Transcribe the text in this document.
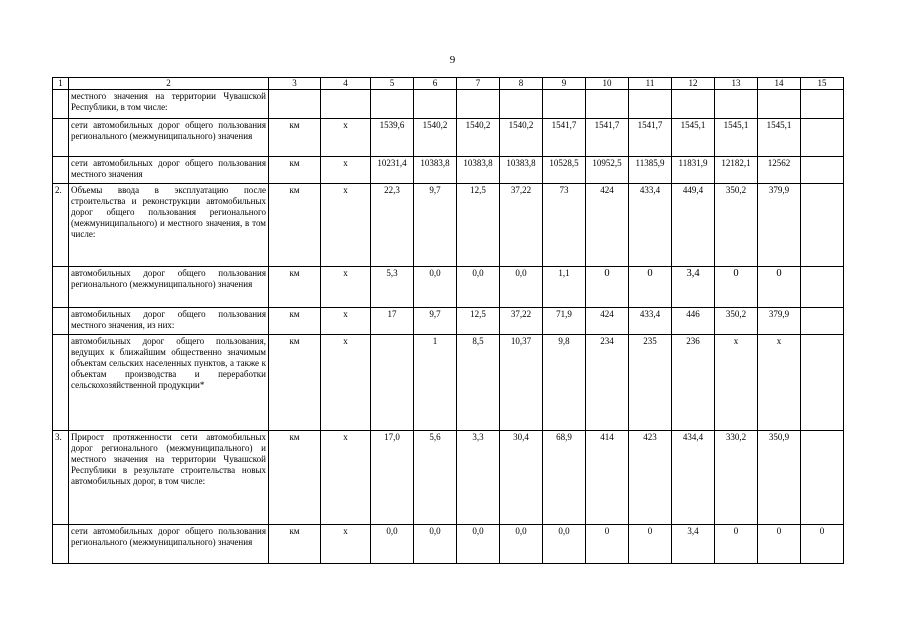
9
1	2	3	4	5	6	7	8	9	10	11	12	13	14	15
	местного значения на территории Чувашской Республики, в том числе:													
	сети автомобильных дорог общего пользования регионального (межмуниципального) значения	км	х	1539,6	1540,2	1540,2	1540,2	1541,7	1541,7	1541,7	1545,1	1545,1	1545,1	
	сети автомобильных дорог общего пользования местного значения	км	х	10231,4	10383,8	10383,8	10383,8	10528,5	10952,5	11385,9	11831,9	12182,1	12562	
2.	Объемы ввода в эксплуатацию после строительства и реконструкции автомобильных дорог общего пользования регионального (межмуниципального) и местного значения, в том числе:	км	х	22,3	9,7	12,5	37,22	73	424	433,4	449,4	350,2	379,9	
	автомобильных дорог общего пользования регионального (межмуниципального) значения	км	х	5,3	0,0	0,0	0,0	1,1	0	0	3,4	0	0	
	автомобильных дорог общего пользования местного значения, из них:	км	х	17	9,7	12,5	37,22	71,9	424	433,4	446	350,2	379,9	
	автомобильных дорог общего пользования, ведущих к ближайшим общественно значимым объектам сельских населенных пунктов, а также к объектам производства и переработки сельскохозяйственной продукции*	км	х		1	8,5	10,37	9,8	234	235	236	х	х	
3.	Прирост протяженности сети автомобильных дорог регионального (межмуниципального) и местного значения на территории Чувашской Республики в результате строительства новых автомобильных дорог, в том числе:	км	х	17,0	5,6	3,3	30,4	68,9	414	423	434,4	330,2	350,9	
	сети автомобильных дорог общего пользования регионального (межмуниципального) значения	км	х	0,0	0,0	0,0	0,0	0,0	0	0	3,4	0	0	0
